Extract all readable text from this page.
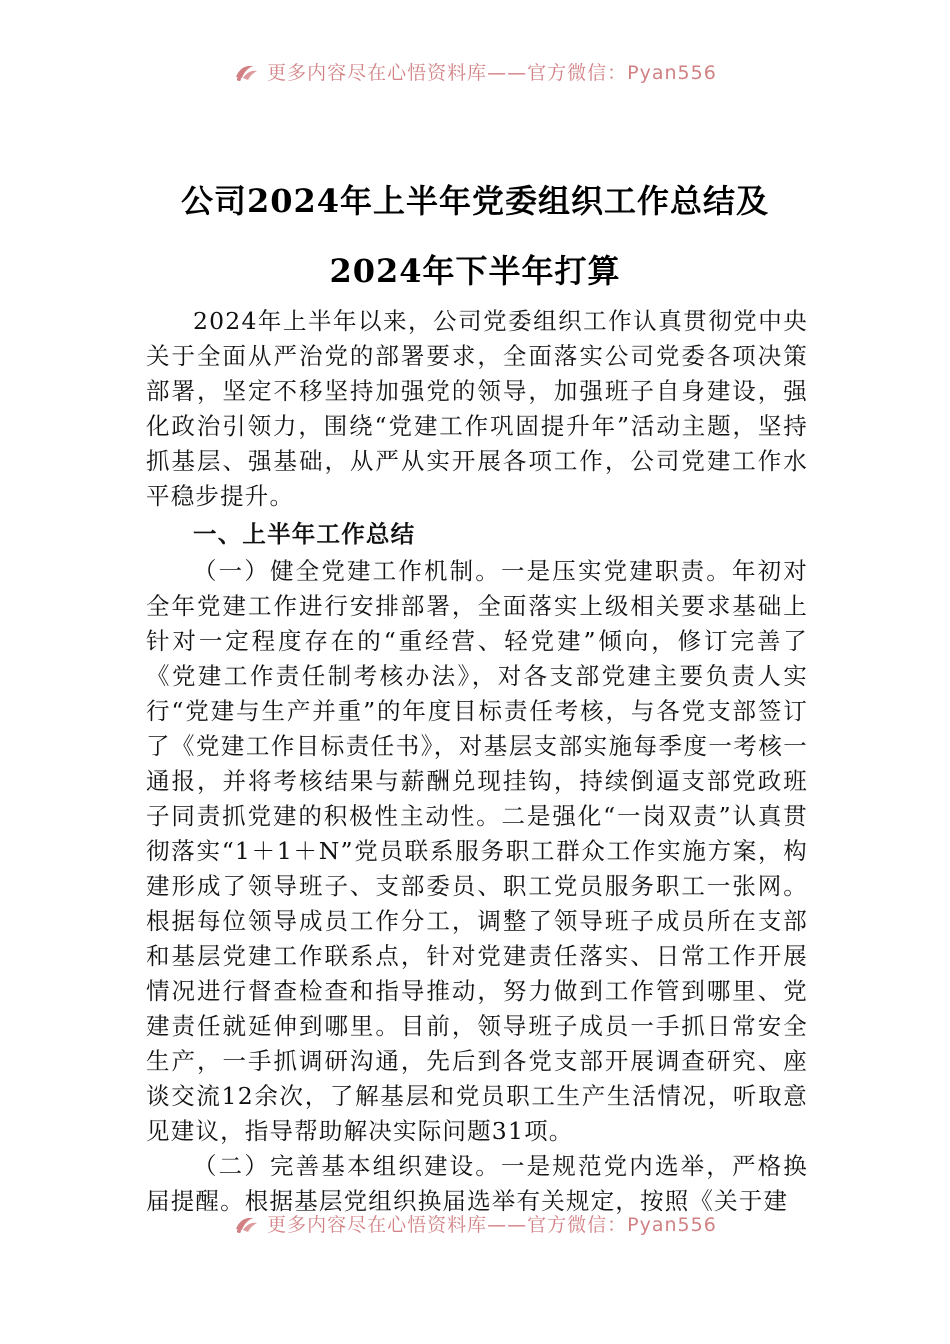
更多内容尽在心悟资料库——官方微信：Pyan556
公司2024年上半年党委组织工作总结及
2024年下半年打算

2024年上半年以来，公司党委组织工作认真贯彻党中央关于全面从严治党的部署要求，全面落实公司党委各项决策部署，坚定不移坚持加强党的领导，加强班子自身建设，强化政治引领力，围绕“党建工作巩固提升年”活动主题，坚持抓基层、强基础，从严从实开展各项工作，公司党建工作水平稳步提升。

一、上半年工作总结

（一）健全党建工作机制。一是压实党建职责。年初对全年党建工作进行安排部署，全面落实上级相关要求基础上针对一定程度存在的“重经营、轻党建”倾向，修订完善了《党建工作责任制考核办法》，对各支部党建主要负责人实行“党建与生产并重”的年度目标责任考核，与各党支部签订了《党建工作目标责任书》，对基层支部实施每季度一考核一通报，并将考核结果与薪酬兑现挂钩，持续倒逼支部党政班子同责抓党建的积极性主动性。二是强化“一岗双责”认真贯彻落实“1＋1＋N”党员联系服务职工群众工作实施方案，构建形成了领导班子、支部委员、职工党员服务职工一张网。根据每位领导成员工作分工，调整了领导班子成员所在支部和基层党建工作联系点，针对党建责任落实、日常工作开展情况进行督查检查和指导推动，努力做到工作管到哪里、党建责任就延伸到哪里。目前，领导班子成员一手抓日常安全生产，一手抓调研沟通，先后到各党支部开展调查研究、座谈交流12余次，了解基层和党员职工生产生活情况，听取意见建议，指导帮助解决实际问题31项。

（二）完善基本组织建设。一是规范党内选举，严格换届提醒。根据基层党组织换届选举有关规定，按照《关于建

更多内容尽在心悟资料库——官方微信：Pyan556
